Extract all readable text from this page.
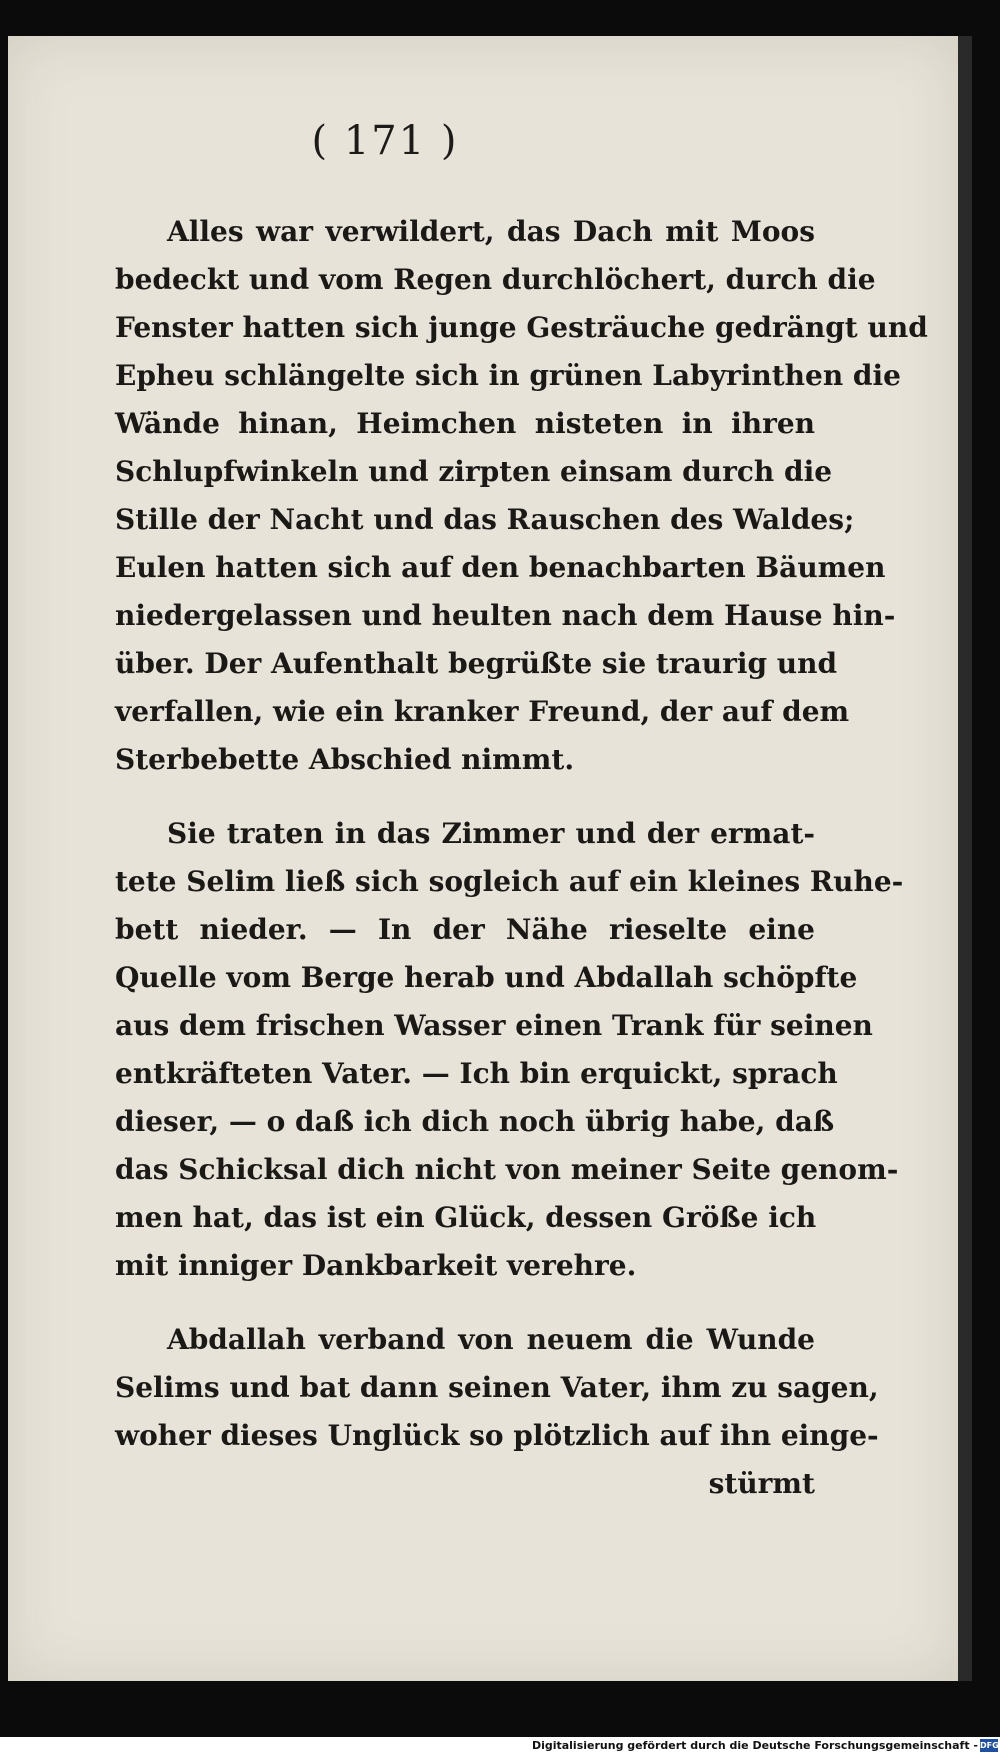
( 171 )
Alles war verwildert, das Dach mit Moos
bedeckt und vom Regen durchlöchert, durch die
Fenster hatten sich junge Gesträuche gedrängt und
Epheu schlängelte sich in grünen Labyrinthen die
Wände hinan, Heimchen nisteten in ihren
Schlupfwinkeln und zirpten einsam durch die
Stille der Nacht und das Rauschen des Waldes;
Eulen hatten sich auf den benachbarten Bäumen
niedergelassen und heulten nach dem Hause hin-
über. Der Aufenthalt begrüßte sie traurig und
verfallen, wie ein kranker Freund, der auf dem
Sterbebette Abschied nimmt.
Sie traten in das Zimmer und der ermat-
tete Selim ließ sich sogleich auf ein kleines Ruhe-
bett nieder. — In der Nähe rieselte eine
Quelle vom Berge herab und Abdallah schöpfte
aus dem frischen Wasser einen Trank für seinen
entkräfteten Vater. — Ich bin erquickt, sprach
dieser, — o daß ich dich noch übrig habe, daß
das Schicksal dich nicht von meiner Seite genom-
men hat, das ist ein Glück, dessen Größe ich
mit inniger Dankbarkeit verehre.
Abdallah verband von neuem die Wunde
Selims und bat dann seinen Vater, ihm zu sagen,
woher dieses Unglück so plötzlich auf ihn einge-
stürmt
Digitalisierung gefördert durch die Deutsche Forschungsgemeinschaft - DFG
